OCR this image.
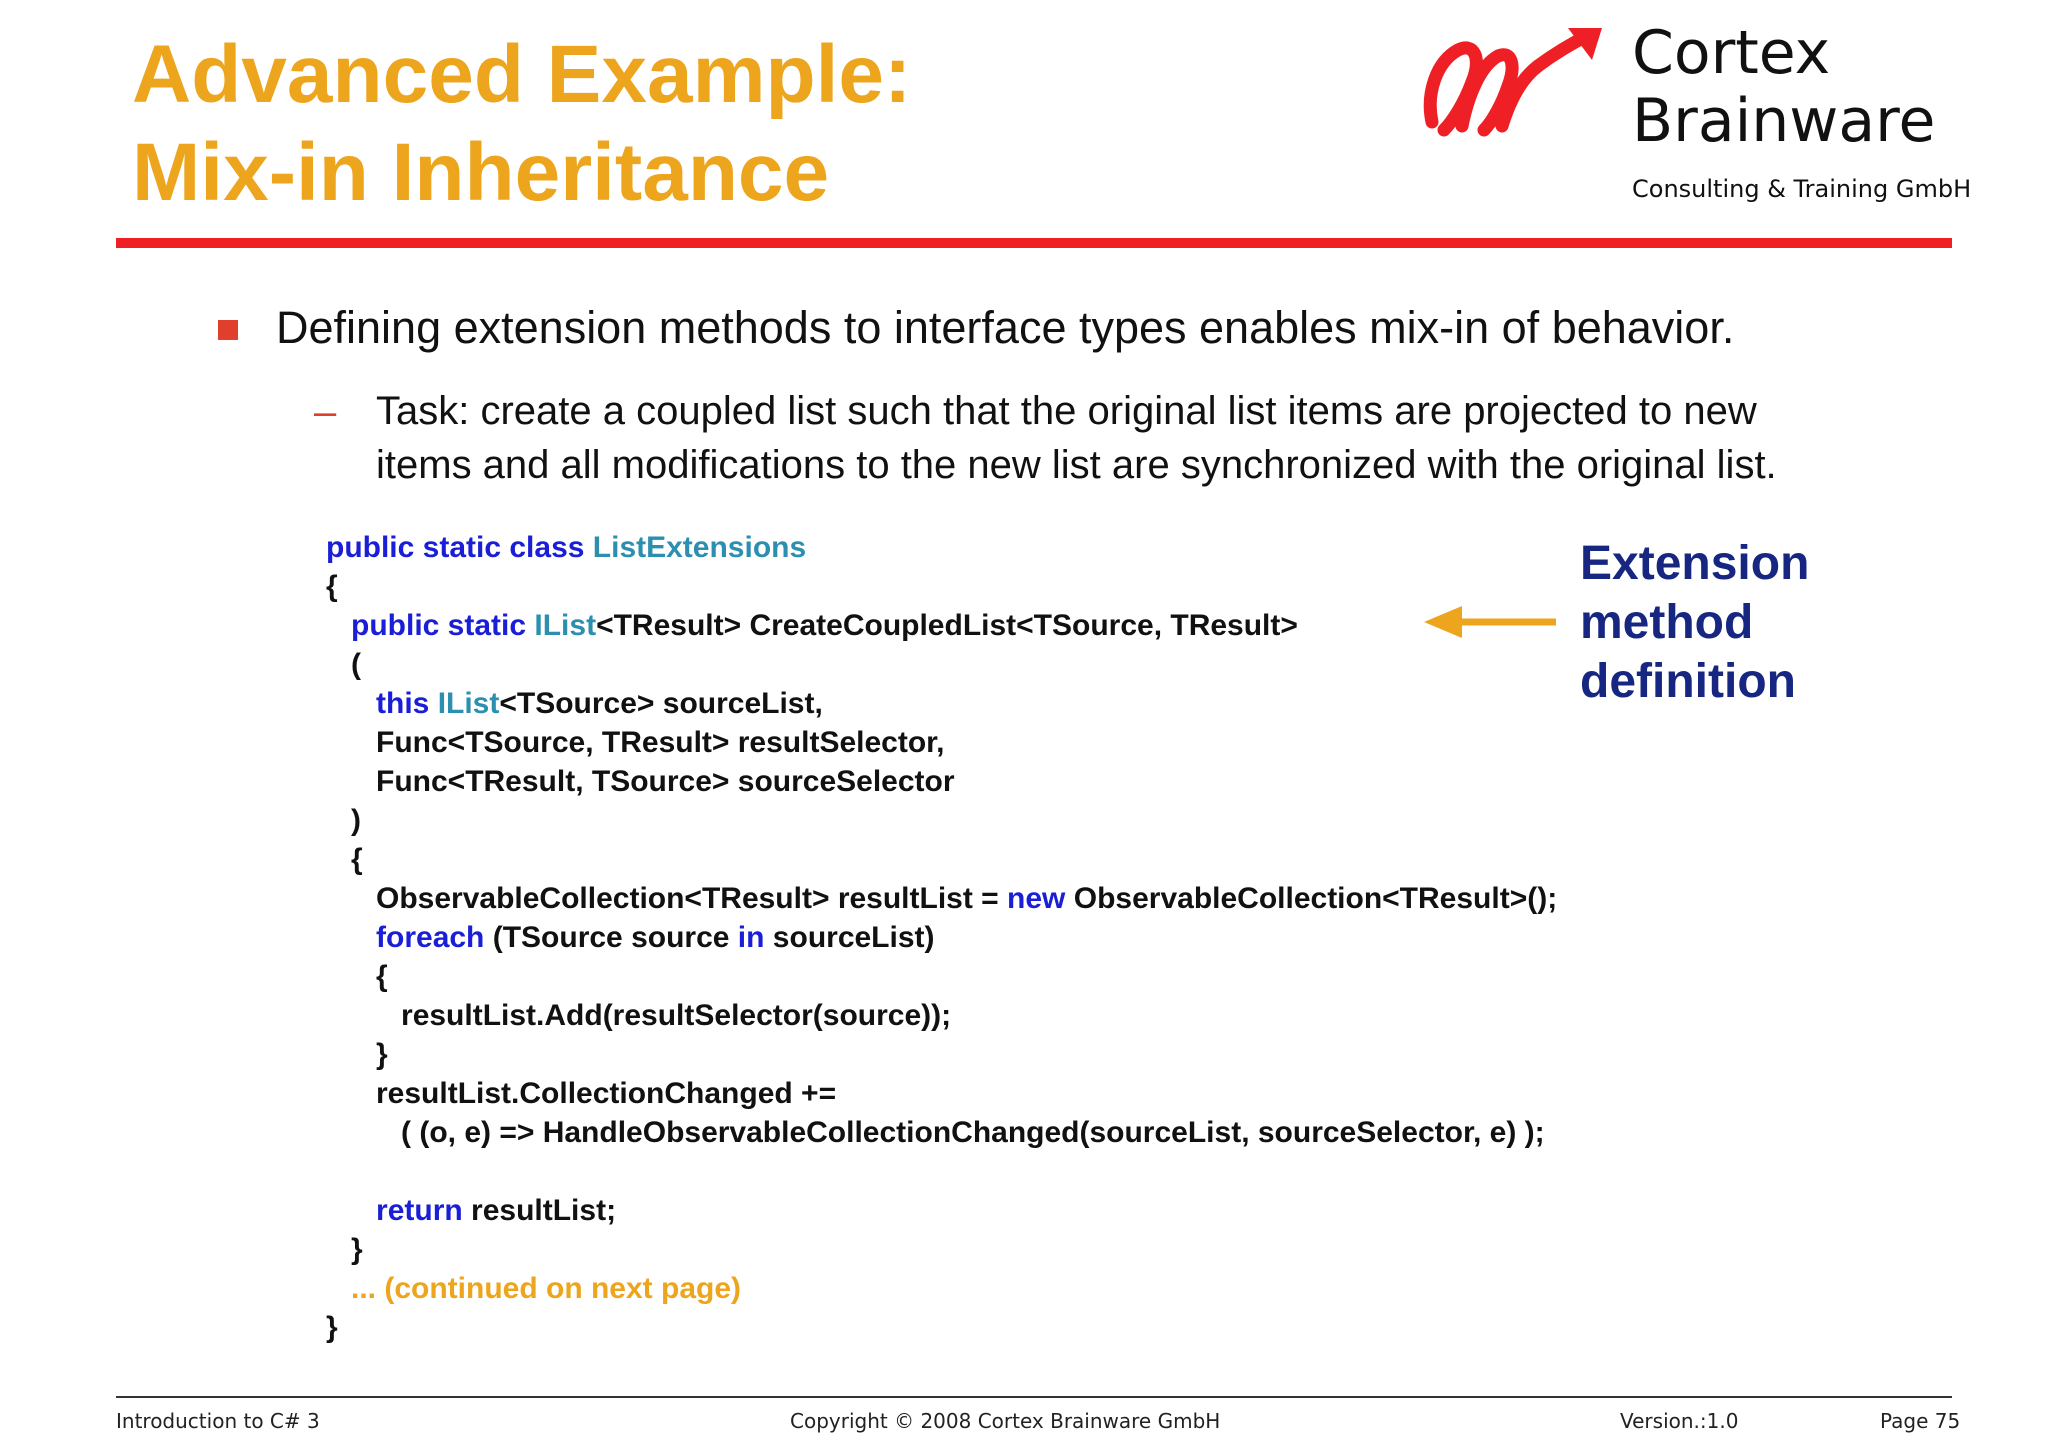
Advanced Example:
Mix-in Inheritance
Cortex
Brainware
Consulting & Training GmbH
Defining extension methods to interface types enables mix-in of behavior.
– Task: create a coupled list such that the original list items are projected to new
items and all modifications to the new list are synchronized with the original list.
public static class ListExtensions
{
public static IList<TResult> CreateCoupledList<TSource, TResult>
(
this IList<TSource> sourceList,
Func<TSource, TResult> resultSelector,
Func<TResult, TSource> sourceSelector
)
{
ObservableCollection<TResult> resultList = new ObservableCollection<TResult>();
foreach (TSource source in sourceList)
{
resultList.Add(resultSelector(source));
}
resultList.CollectionChanged +=
( (o, e) => HandleObservableCollectionChanged(sourceList, sourceSelector, e) );
return resultList;
}
... (continued on next page)
}
Extension
method
definition
Introduction to C# 3	Copyright © 2008 Cortex Brainware GmbH	Version.:1.0	Page 75
